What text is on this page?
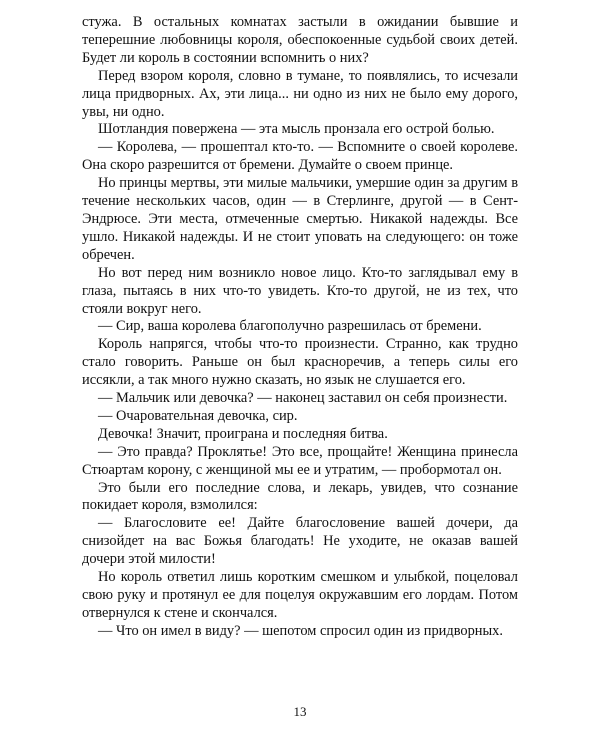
стужа. В остальных комнатах застыли в ожидании бывшие и теперешние любовницы короля, обеспокоенные судьбой своих детей. Будет ли король в состоянии вспомнить о них?

Перед взором короля, словно в тумане, то появлялись, то исчезали лица придворных. Ах, эти лица... ни одно из них не было ему дорого, увы, ни одно.

Шотландия повержена — эта мысль пронзала его острой болью.

— Королева, — прошептал кто-то. — Вспомните о своей королеве. Она скоро разрешится от бремени. Думайте о своем принце.

Но принцы мертвы, эти милые мальчики, умершие один за другим в течение нескольких часов, один — в Стерлинге, другой — в Сент-Эндрюсе. Эти места, отмеченные смертью. Никакой надежды. Все ушло. Никакой надежды. И не стоит уповать на следующего: он тоже обречен.

Но вот перед ним возникло новое лицо. Кто-то заглядывал ему в глаза, пытаясь в них что-то увидеть. Кто-то другой, не из тех, что стояли вокруг него.

— Сир, ваша королева благополучно разрешилась от бремени.

Король напрягся, чтобы что-то произнести. Странно, как трудно стало говорить. Раньше он был красноречив, а теперь силы его иссякли, а так много нужно сказать, но язык не слушается его.

— Мальчик или девочка? — наконец заставил он себя произнести.

— Очаровательная девочка, сир.

Девочка! Значит, проиграна и последняя битва.

— Это правда? Проклятье! Это все, прощайте! Женщина принесла Стюартам корону, с женщиной мы ее и утратим, — пробормотал он.

Это были его последние слова, и лекарь, увидев, что сознание покидает короля, взмолился:

— Благословите ее! Дайте благословение вашей дочери, да снизойдет на вас Божья благодать! Не уходите, не оказав вашей дочери этой милости!

Но король ответил лишь коротким смешком и улыбкой, поцеловал свою руку и протянул ее для поцелуя окружавшим его лордам. Потом отвернулся к стене и скончался.

— Что он имел в виду? — шепотом спросил один из придворных.

13
